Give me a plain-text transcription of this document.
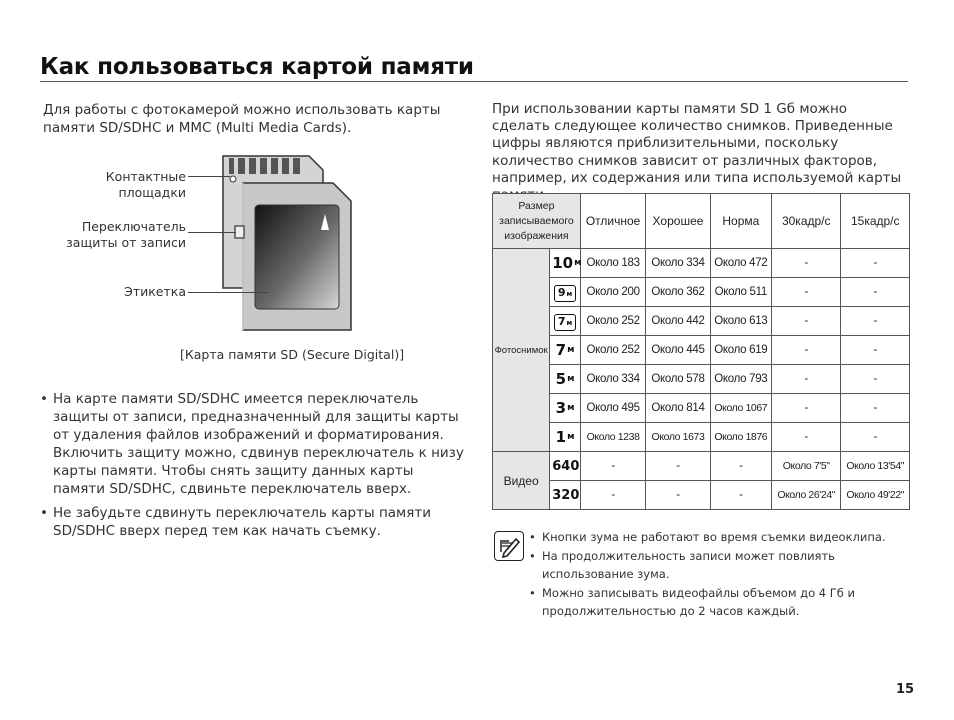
Как пользоваться картой памяти
Для работы с фотокамерой можно использовать карты памяти SD/SDHC и MMC (Multi Media Cards).
Контактные
площадки
Переключатель
защиты от записи
Этикетка
[Карта памяти SD (Secure Digital)]
• На карте памяти SD/SDHC имеется переключатель защиты от записи, предназначенный для защиты карты от удаления файлов изображений и форматирования. Включить защиту можно, сдвинув переключатель к низу карты памяти. Чтобы снять защиту данных карты памяти SD/SDHC, сдвиньте переключатель вверх.
• Не забудьте сдвинуть переключатель карты памяти SD/SDHC вверх перед тем как начать съемку.
При использовании карты памяти SD 1 Gб можно сделать следующее количество снимков. Приведенные цифры являются приблизительными, поскольку количество снимков зависит от различных факторов, например, их содержания или типа используемой карты
Размер записываемого изображения		Отличное	Хорошее	Норма	30кадр/с	15кадр/с
Фотоснимок	$10^м$	Около 183	Около 334	Около 472	-	-
	9м	Около 200	Около 362	Около 511	-	-
	7м	Около 252	Около 442	Около 613	-	-
	$7^м$	Около 252	Около 445	Около 619	-	-
	$5^м$	Около 334	Около 578	Около 793	-	-
	$3^м$	Около 495	Около 814	Около 1067	-	-
	$1^м$	Около 1238	Около 1673	Около 1876	-	-
Видео	640	-	-	-	Около 7'5"	Около 13'54"
	320	-	-	-	Около 26'24"	Около 49'22"
• Кнопки зума не работают во время съемки видеоклипа.
• На продолжительность записи может повлиять использование зума.
• Можно записывать видеофайлы объемом до 4 Гб и продолжительностью до 2 часов каждый.
15
